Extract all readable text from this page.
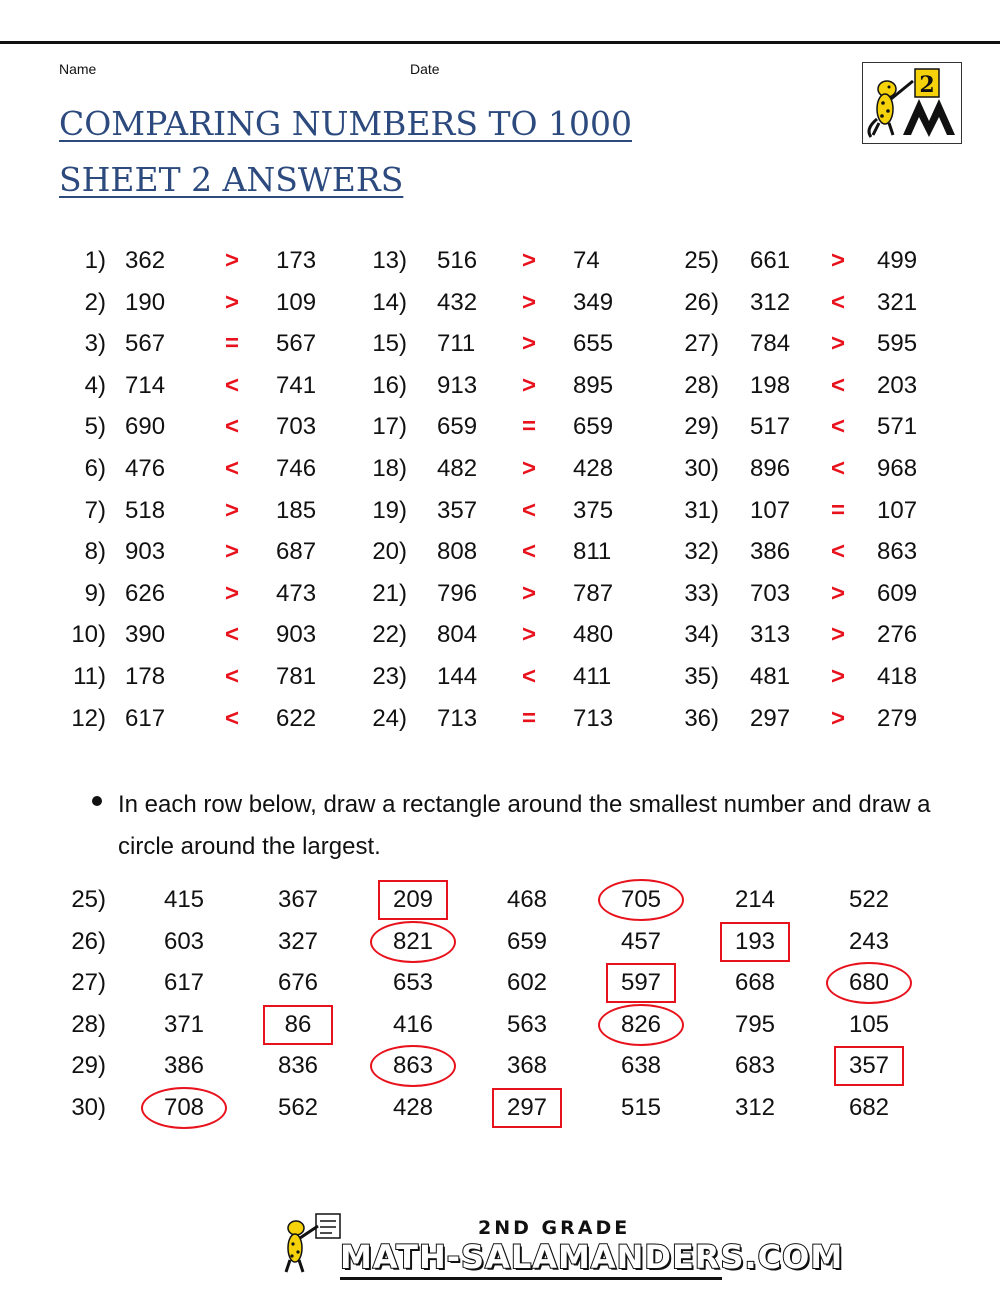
Name	Date
COMPARING NUMBERS TO 1000
SHEET 2 ANSWERS
2
1) 362	>	173
2) 190	>	109
3) 567	=	567
4) 714	<	741
5) 690	<	703
6) 476	<	746
7) 518	>	185
8) 903	>	687
9) 626	>	473
10) 390	<	903
11) 178	<	781
12) 617	<	622
13) 516	>	74
14) 432	>	349
15) 711	>	655
16) 913	>	895
17) 659	=	659
18) 482	>	428
19) 357	<	375
20) 808	<	811
21) 796	>	787
22) 804	>	480
23) 144	<	411
24) 713	=	713
25) 661	>	499
26) 312	<	321
27) 784	>	595
28) 198	<	203
29) 517	<	571
30) 896	<	968
31) 107	=	107
32) 386	<	863
33) 703	>	609
34) 313	>	276
35) 481	>	418
36) 297	>	279
In each row below, draw a rectangle around the smallest number and draw a circle around the largest.
25)	415	367	209	468	705	214	522
26)	603	327	821	659	457	193	243
27)	617	676	653	602	597	668	680
28)	371	86	416	563	826	795	105
29)	386	836	863	368	638	683	357
30)	708	562	428	297	515	312	682
2ND GRADE
MATH-SALAMANDERS.COM
